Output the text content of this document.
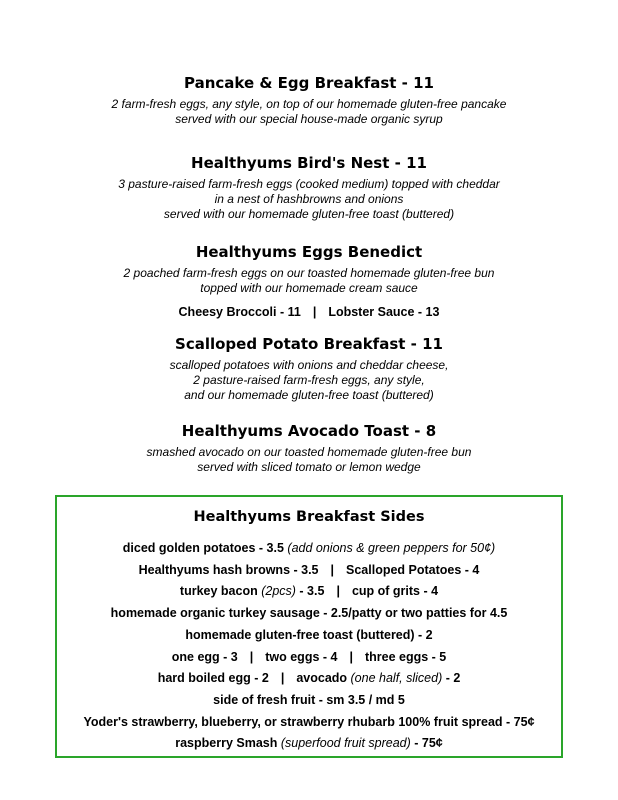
Pancake & Egg Breakfast - 11

2 farm-fresh eggs, any style, on top of our homemade gluten-free pancake

served with our special house-made organic syrup

Healthyums Bird's Nest - 11

3 pasture-raised farm-fresh eggs (cooked medium) topped with cheddar

in a nest of hashbrowns and onions

served with our homemade gluten-free toast (buttered)

Healthyums Eggs Benedict

2 poached farm-fresh eggs on our toasted homemade gluten-free bun

topped with our homemade cream sauce

Cheesy Broccoli - 11 | Lobster Sauce - 13
Scalloped Potato Breakfast - 11

scalloped potatoes with onions and cheddar cheese,

2 pasture-raised farm-fresh eggs, any style,

and our homemade gluten-free toast (buttered)

Healthyums Avocado Toast - 8

smashed avocado on our toasted homemade gluten-free bun

served with sliced tomato or lemon wedge

Healthyums Breakfast Sides
diced golden potatoes - 3.5 (add onions & green peppers for 50¢)
Healthyums hash browns - 3.5 | Scalloped Potatoes - 4
turkey bacon (2pcs) - 3.5 | cup of grits - 4
homemade organic turkey sausage - 2.5/patty or two patties for 4.5
homemade gluten-free toast (buttered) - 2
one egg - 3 | two eggs - 4 | three eggs - 5
hard boiled egg - 2 | avocado (one half, sliced) - 2
side of fresh fruit - sm 3.5 / md 5
Yoder's strawberry, blueberry, or strawberry rhubarb 100% fruit spread - 75¢
raspberry Smash (superfood fruit spread) - 75¢
